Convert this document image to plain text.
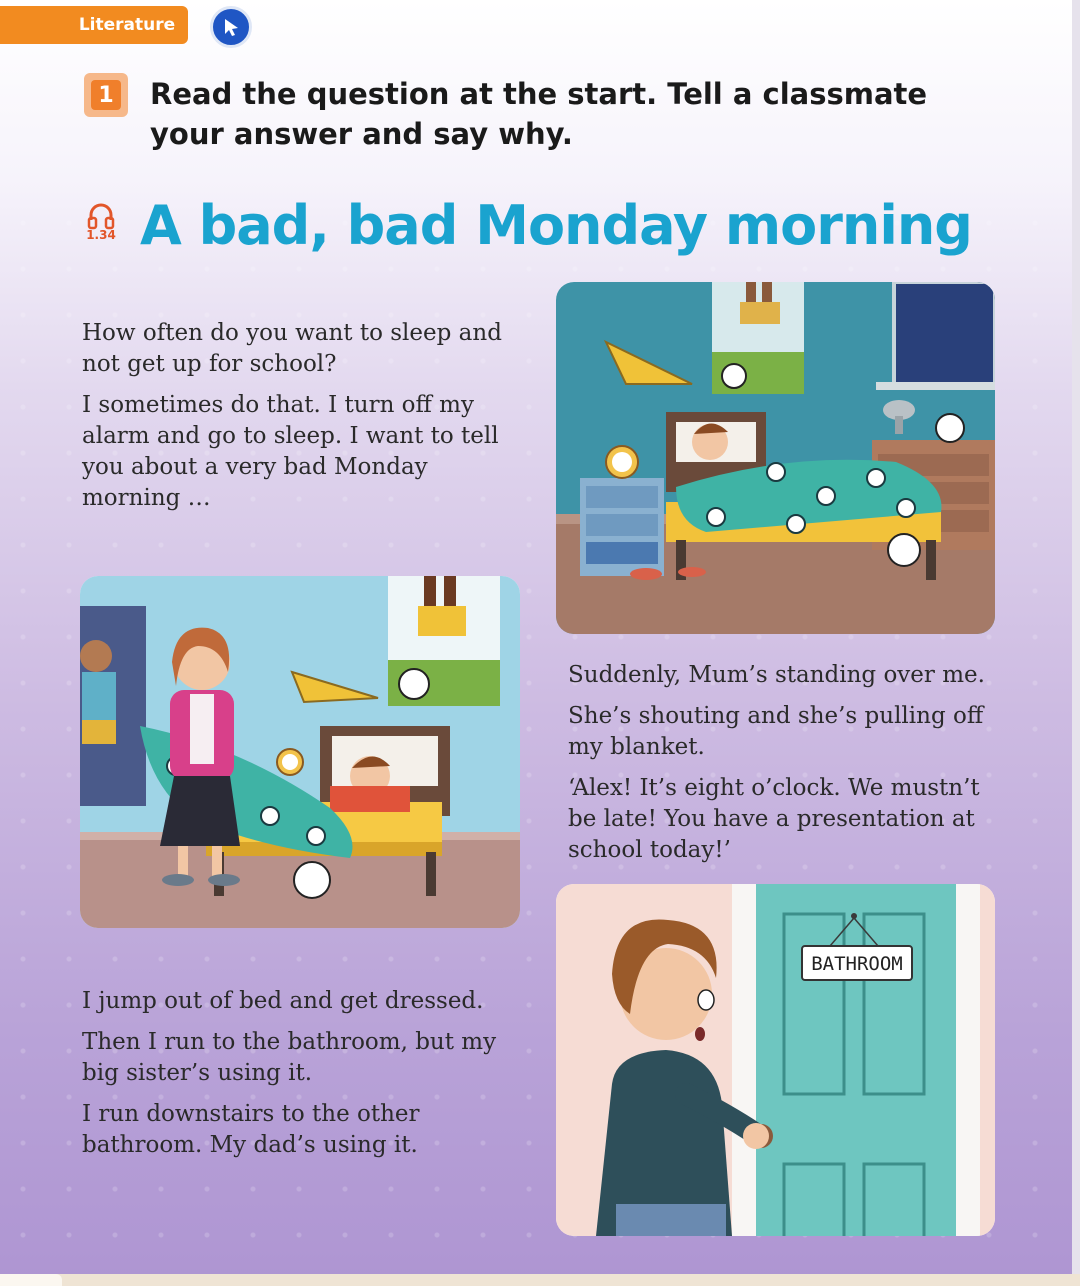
Literature
1 Read the question at the start. Tell a classmate your answer and say why.

1.34 A bad, bad Monday morning

How often do you want to sleep and not get up for school?

I sometimes do that. I turn off my alarm and go to sleep. I want to tell you about a very bad Monday morning …

Suddenly, Mum’s standing over me.

She’s shouting and she’s pulling off my blanket.

‘Alex! It’s eight o’clock. We mustn’t be late! You have a presentation at school today!’

BATHROOM

I jump out of bed and get dressed.

Then I run to the bathroom, but my big sister’s using it.

I run downstairs to the other bathroom. My dad’s using it.
